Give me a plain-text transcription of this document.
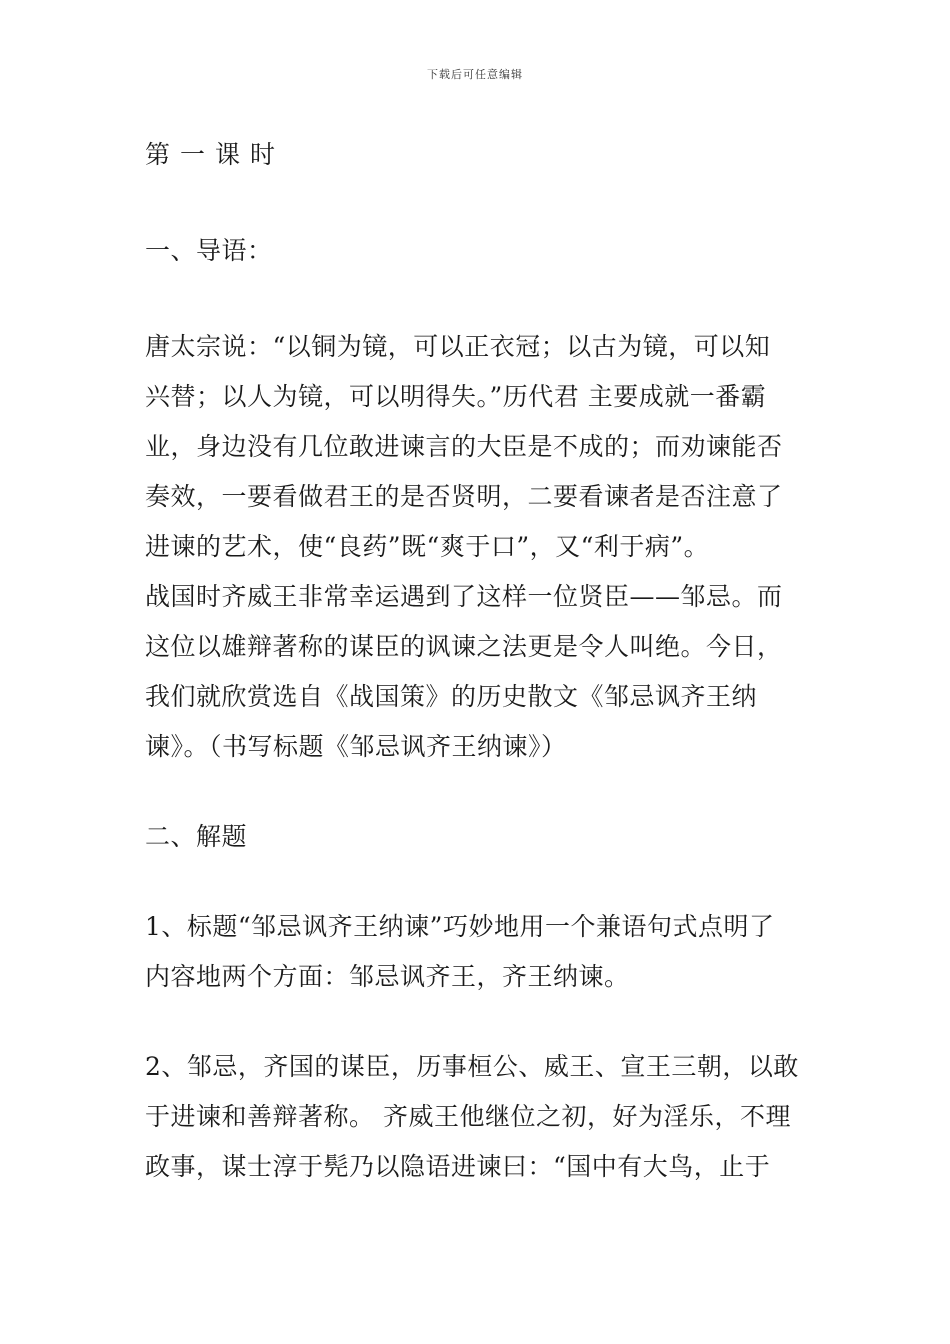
下载后可任意编辑
第一课时
一、导语：
唐太宗说：“以铜为镜，可以正衣冠；以古为镜，可以知
兴替；以人为镜，可以明得失。”历代君 主要成就一番霸
业，身边没有几位敢进谏言的大臣是不成的；而劝谏能否
奏效，一要看做君王的是否贤明，二要看谏者是否注意了
进谏的艺术，使“良药”既“爽于口”，又“利于病”。
战国时齐威王非常幸运遇到了这样一位贤臣——邹忌。而
这位以雄辩著称的谋臣的讽谏之法更是令人叫绝。今日，
我们就欣赏选自《战国策》的历史散文《邹忌讽齐王纳
谏》。（书写标题《邹忌讽齐王纳谏》）
二、解题
1、标题“邹忌讽齐王纳谏”巧妙地用一个兼语句式点明了
内容地两个方面：邹忌讽齐王，齐王纳谏。
2、邹忌，齐国的谋臣，历事桓公、威王、宣王三朝，以敢
于进谏和善辩著称。 齐威王他继位之初，好为淫乐，不理
政事，谋士淳于髡乃以隐语进谏曰：“国中有大鸟，止于
